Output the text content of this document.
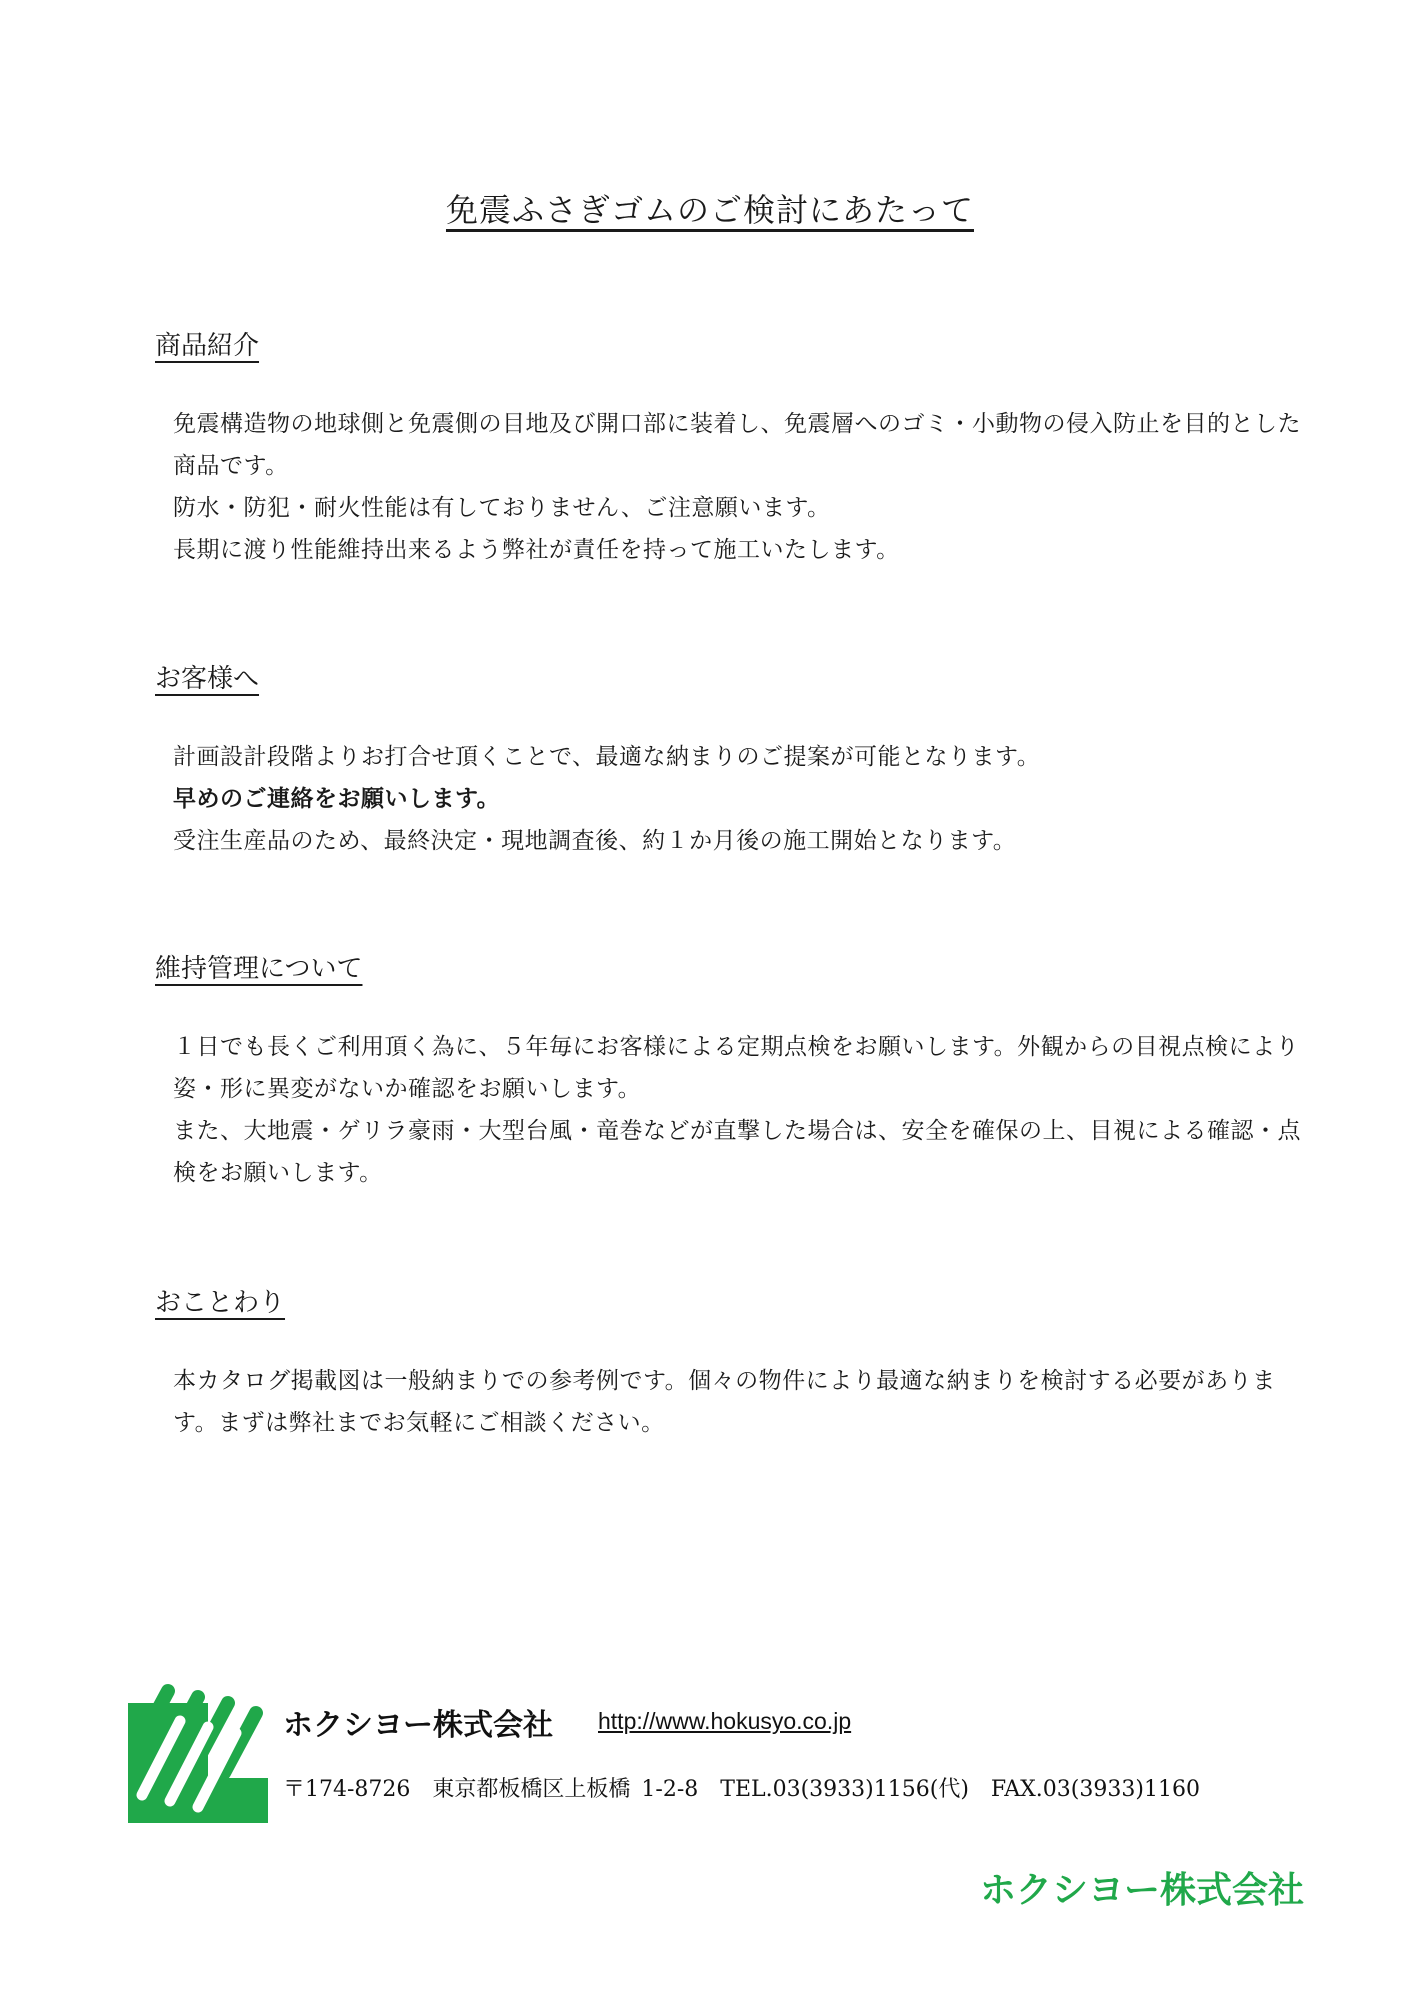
免震ふさぎゴムのご検討にあたって
商品紹介

免震構造物の地球側と免震側の目地及び開口部に装着し、免震層へのゴミ・小動物の侵入防止を目的とした

商品です。

防水・防犯・耐火性能は有しておりません、ご注意願います。

長期に渡り性能維持出来るよう弊社が責任を持って施工いたします。

お客様へ

計画設計段階よりお打合せ頂くことで、最適な納まりのご提案が可能となります。

早めのご連絡をお願いします。

受注生産品のため、最終決定・現地調査後、約１か月後の施工開始となります。

維持管理について

１日でも長くご利用頂く為に、５年毎にお客様による定期点検をお願いします。外観からの目視点検により

姿・形に異変がないか確認をお願いします。

また、大地震・ゲリラ豪雨・大型台風・竜巻などが直撃した場合は、安全を確保の上、目視による確認・点

検をお願いします。

おことわり

本カタログ掲載図は一般納まりでの参考例です。個々の物件により最適な納まりを検討する必要がありま

す。まずは弊社までお気軽にご相談ください。

ホクシヨー株式会社 http://www.hokusyo.co.jp
〒174-8726　東京都板橋区上板橋 1-2-8　TEL.03(3933)1156(代)　FAX.03(3933)1160
ホクシヨー株式会社
